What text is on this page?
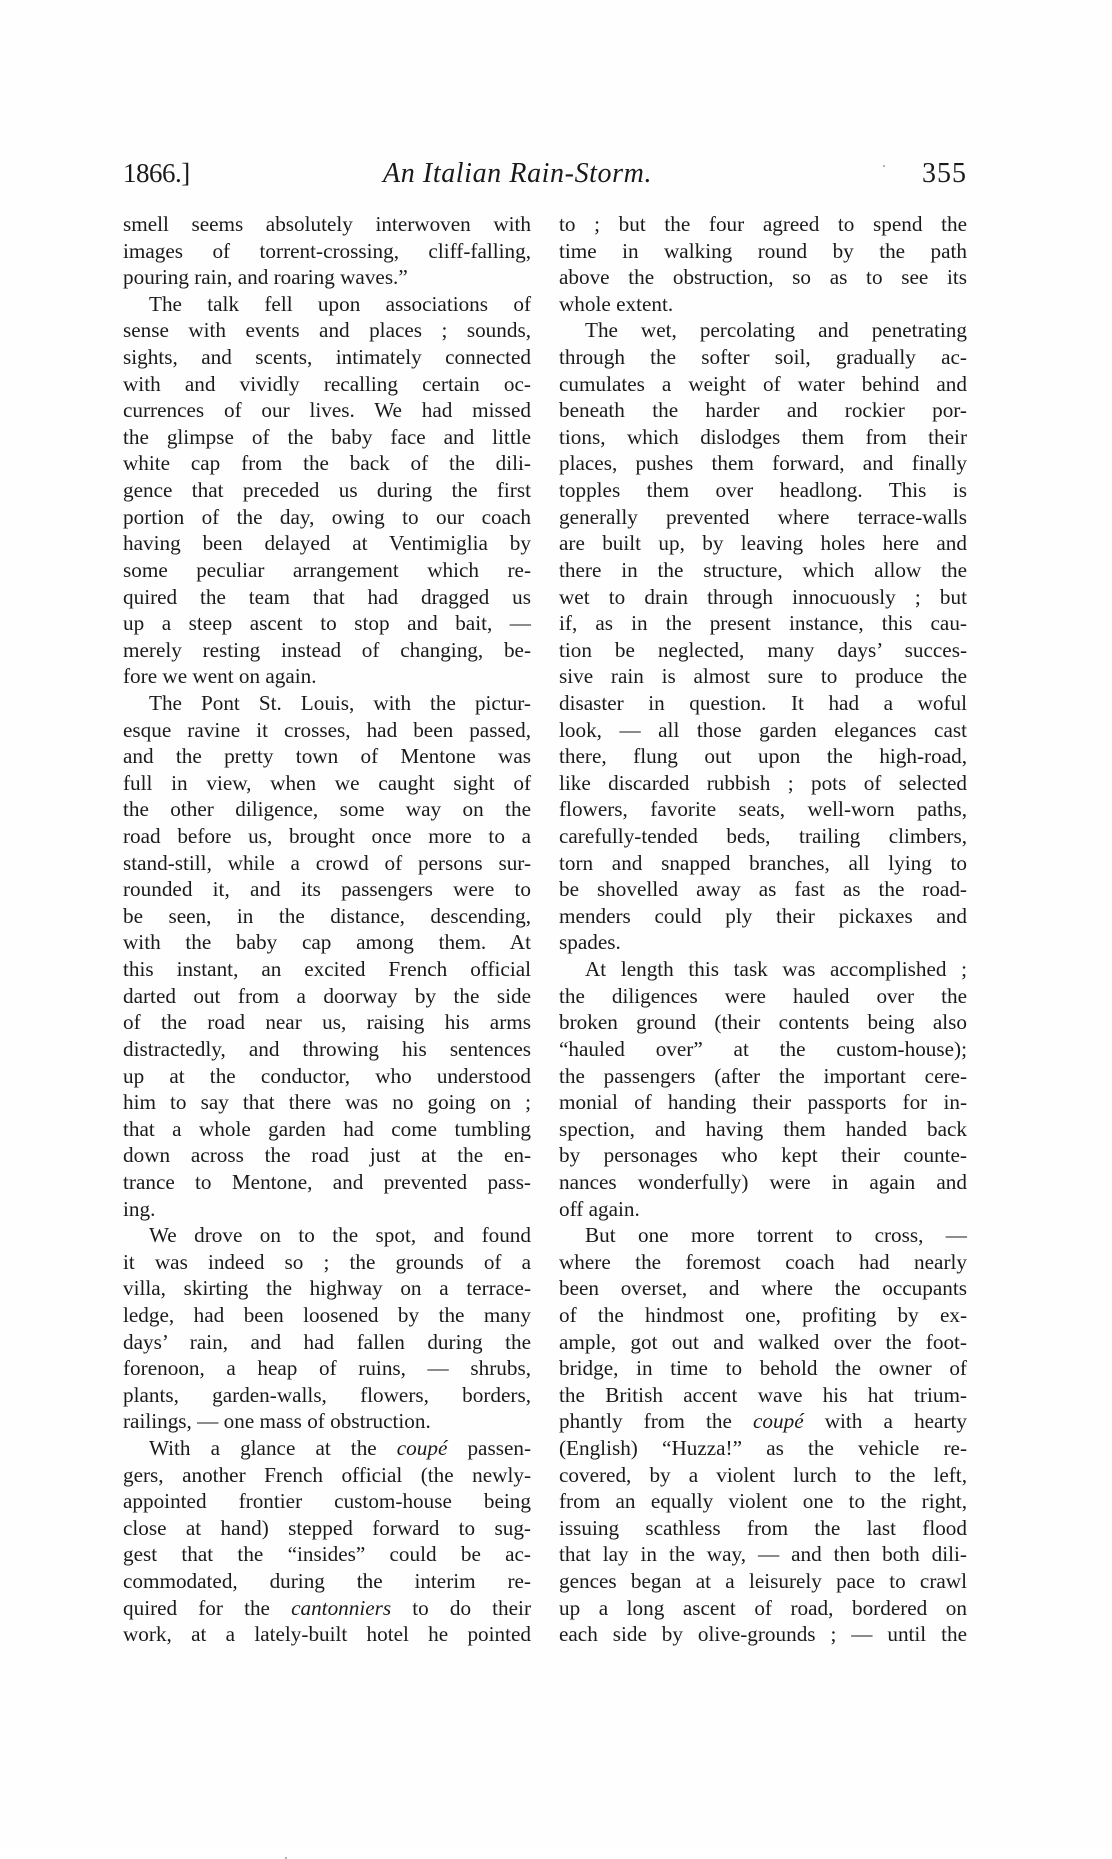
1866.]	An Italian Rain-Storm.	355
smell seems absolutely interwoven with
images of torrent-crossing, cliff-falling,
pouring rain, and roaring waves.”
The talk fell upon associations of
sense with events and places ; sounds,
sights, and scents, intimately connected
with and vividly recalling certain oc-
currences of our lives. We had missed
the glimpse of the baby face and little
white cap from the back of the dili-
gence that preceded us during the first
portion of the day, owing to our coach
having been delayed at Ventimiglia by
some peculiar arrangement which re-
quired the team that had dragged us
up a steep ascent to stop and bait, —
merely resting instead of changing, be-
fore we went on again.
The Pont St. Louis, with the pictur-
esque ravine it crosses, had been passed,
and the pretty town of Mentone was
full in view, when we caught sight of
the other diligence, some way on the
road before us, brought once more to a
stand-still, while a crowd of persons sur-
rounded it, and its passengers were to
be seen, in the distance, descending,
with the baby cap among them. At
this instant, an excited French official
darted out from a doorway by the side
of the road near us, raising his arms
distractedly, and throwing his sentences
up at the conductor, who understood
him to say that there was no going on ;
that a whole garden had come tumbling
down across the road just at the en-
trance to Mentone, and prevented pass-
ing.
We drove on to the spot, and found
it was indeed so ; the grounds of a
villa, skirting the highway on a terrace-
ledge, had been loosened by the many
days’ rain, and had fallen during the
forenoon, a heap of ruins, — shrubs,
plants, garden-walls, flowers, borders,
railings, — one mass of obstruction.
With a glance at the coupé passen-
gers, another French official (the newly-
appointed frontier custom-house being
close at hand) stepped forward to sug-
gest that the “insides” could be ac-
commodated, during the interim re-
quired for the cantonniers to do their
work, at a lately-built hotel he pointed
to ; but the four agreed to spend the
time in walking round by the path
above the obstruction, so as to see its
whole extent.
The wet, percolating and penetrating
through the softer soil, gradually ac-
cumulates a weight of water behind and
beneath the harder and rockier por-
tions, which dislodges them from their
places, pushes them forward, and finally
topples them over headlong. This is
generally prevented where terrace-walls
are built up, by leaving holes here and
there in the structure, which allow the
wet to drain through innocuously ; but
if, as in the present instance, this cau-
tion be neglected, many days’ succes-
sive rain is almost sure to produce the
disaster in question. It had a woful
look, — all those garden elegances cast
there, flung out upon the high-road,
like discarded rubbish ; pots of selected
flowers, favorite seats, well-worn paths,
carefully-tended beds, trailing climbers,
torn and snapped branches, all lying to
be shovelled away as fast as the road-
menders could ply their pickaxes and
spades.
At length this task was accomplished ;
the diligences were hauled over the
broken ground (their contents being also
“hauled over” at the custom-house);
the passengers (after the important cere-
monial of handing their passports for in-
spection, and having them handed back
by personages who kept their counte-
nances wonderfully) were in again and
off again.
But one more torrent to cross, —
where the foremost coach had nearly
been overset, and where the occupants
of the hindmost one, profiting by ex-
ample, got out and walked over the foot-
bridge, in time to behold the owner of
the British accent wave his hat trium-
phantly from the coupé with a hearty
(English) “Huzza!” as the vehicle re-
covered, by a violent lurch to the left,
from an equally violent one to the right,
issuing scathless from the last flood
that lay in the way, — and then both dili-
gences began at a leisurely pace to crawl
up a long ascent of road, bordered on
each side by olive-grounds ; — until the
